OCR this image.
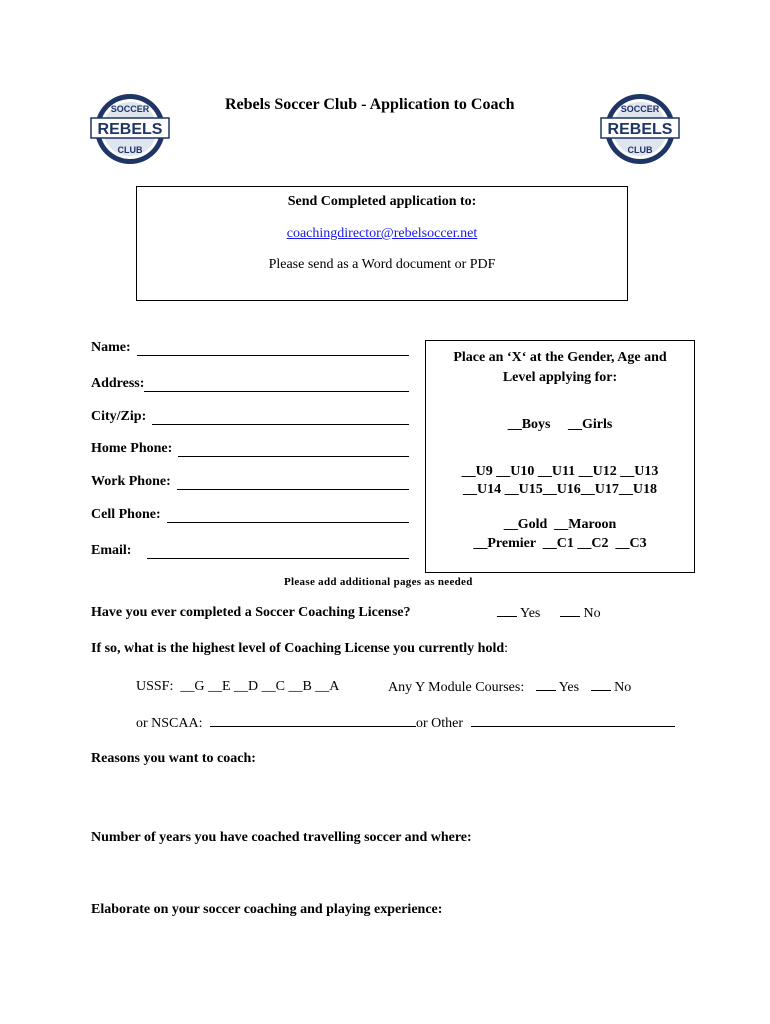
SOCCER
REBELS
CLUB
Rebels Soccer Club - Application to Coach	SOCCER
REBELS
CLUB
Send Completed application to:
coachingdirector@rebelsoccer.net
Please send as a Word document or PDF
Name:
Address:
City/Zip:
Home Phone:
Work Phone:
Cell Phone:
Email:
Place an ‘X‘ at the Gender, Age and
Level applying for:
__Boys     __Girls
__U9 __U10 __U11 __U12 __U13
__U14 __U15__U16__U17__U18
__Gold  __Maroon
__Premier  __C1 __C2  __C3
Please add additional pages as needed
Have you ever completed a Soccer Coaching License?	Yes	No
If so, what is the highest level of Coaching License you currently hold:
USSF:  __G __E __D __C __B __A	Any Y Module Courses: Yes	No
or NSCAA:	or Other
Reasons you want to coach:
Number of years you have coached travelling soccer and where:
Elaborate on your soccer coaching and playing experience:
